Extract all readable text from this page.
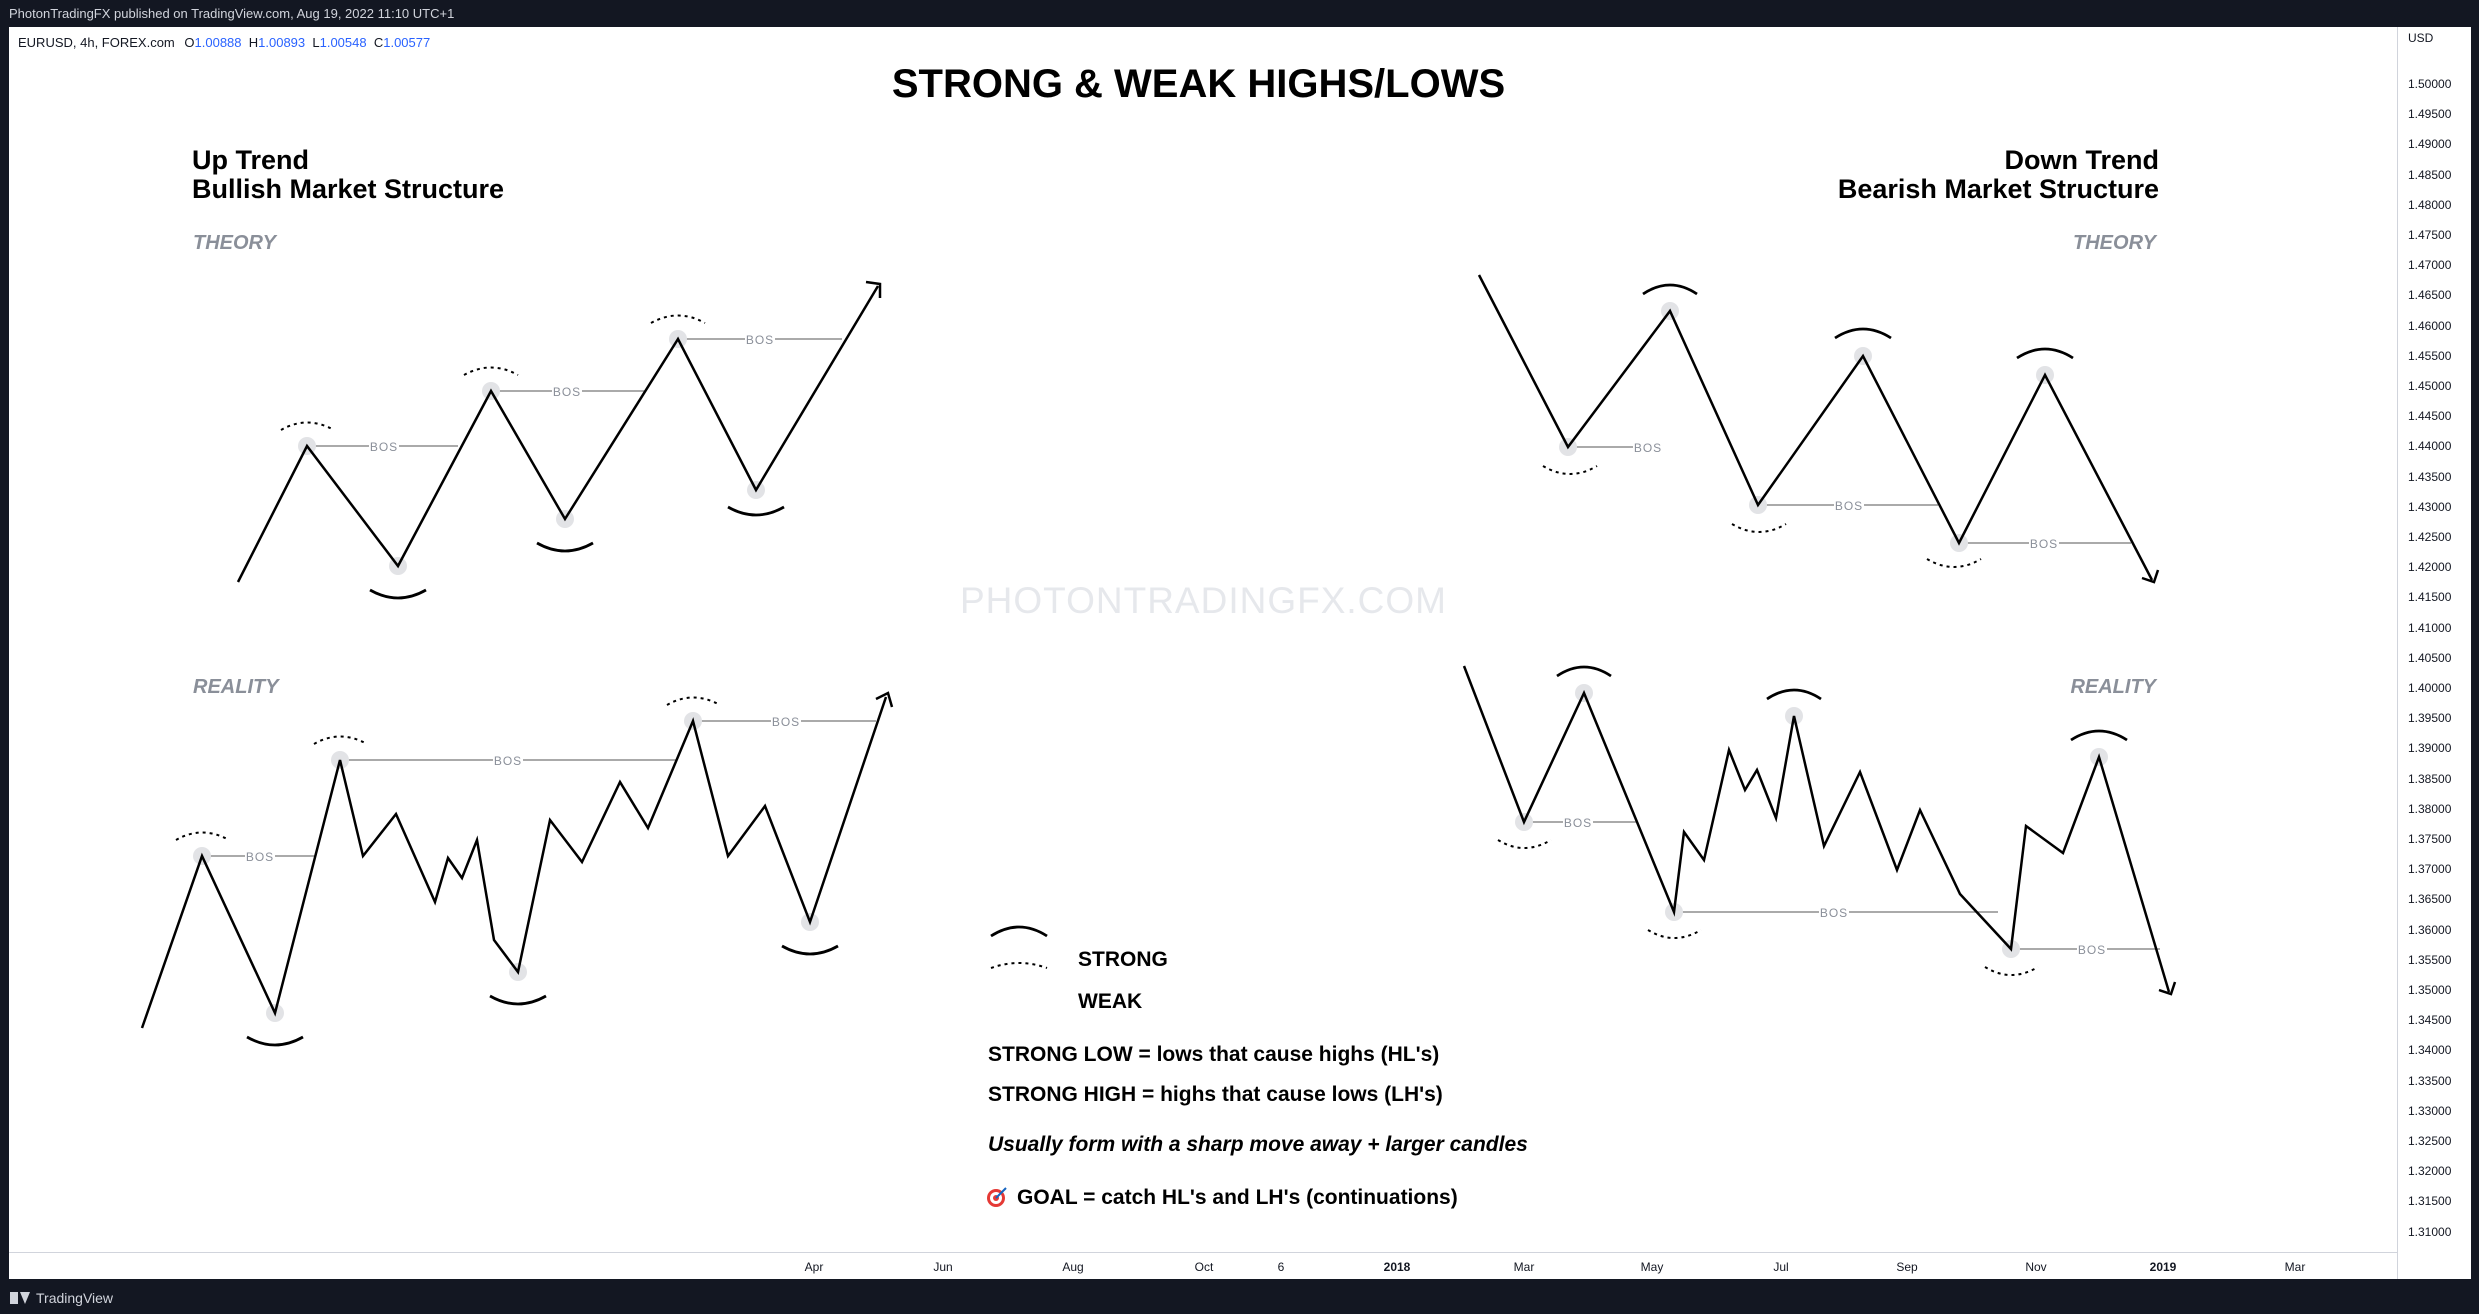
PhotonTradingFX published on TradingView.com, Aug 19, 2022 11:10 UTC+1
EURUSD, 4h, FOREX.com O1.00888 H1.00893 L1.00548 C1.00577	USD
1.50000
1.49500
1.49000
1.48500
1.48000
1.47500
1.47000
1.46500
1.46000
1.45500
1.45000
1.44500
1.44000
1.43500
1.43000
1.42500
1.42000
1.41500
1.41000
1.40500
1.40000
1.39500
1.39000
1.38500
1.38000
1.37500
1.37000
1.36500
1.36000
1.35500
1.35000
1.34500
1.34000
1.33500
1.33000
1.32500
1.32000
1.31500
1.31000
Apr	Jun	Aug	Oct	6	2018	Mar	May	Jul	Sep	Nov	2019	Mar
STRONG & WEAK HIGHS/LOWS
Up Trend
Bullish Market Structure
Down Trend
Bearish Market Structure
THEORY	THEORY
REALITY	REALITY
PHOTONTRADINGFX.COM
BOS
BOS
BOS
BOS
BOS
BOS
BOS
BOS
BOS
BOS
BOS
BOS
STRONG
WEAK
STRONG LOW = lows that cause highs (HL's)
STRONG HIGH = highs that cause lows (LH's)
Usually form with a sharp move away + larger candles
GOAL = catch HL's and LH's (continuations)
TradingView
